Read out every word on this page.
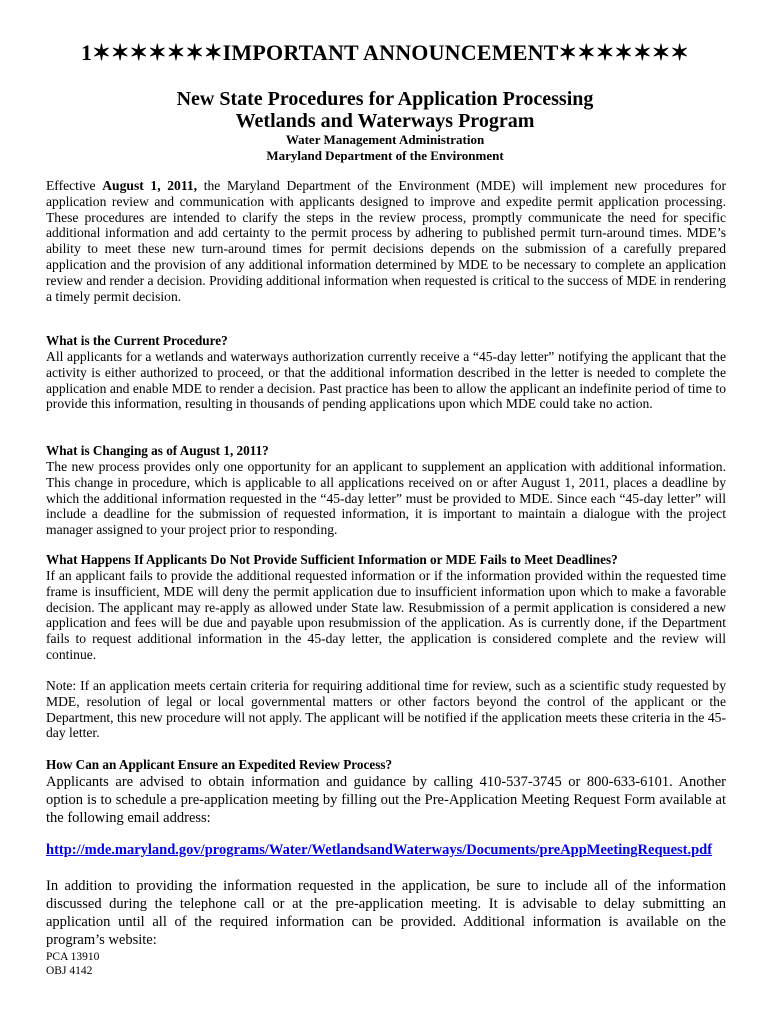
1✶✶✶✶✶✶✶IMPORTANT ANNOUNCEMENT✶✶✶✶✶✶✶
New State Procedures for Application Processing
Wetlands and Waterways Program
Water Management Administration
Maryland Department of the Environment
Effective August 1, 2011, the Maryland Department of the Environment (MDE) will implement new procedures for application review and communication with applicants designed to improve and expedite permit application processing. These procedures are intended to clarify the steps in the review process, promptly communicate the need for specific additional information and add certainty to the permit process by adhering to published permit turn-around times. MDE’s ability to meet these new turn-around times for permit decisions depends on the submission of a carefully prepared application and the provision of any additional information determined by MDE to be necessary to complete an application review and render a decision. Providing additional information when requested is critical to the success of MDE in rendering a timely permit decision.
What is the Current Procedure?
All applicants for a wetlands and waterways authorization currently receive a “45-day letter” notifying the applicant that the activity is either authorized to proceed, or that the additional information described in the letter is needed to complete the application and enable MDE to render a decision. Past practice has been to allow the applicant an indefinite period of time to provide this information, resulting in thousands of pending applications upon which MDE could take no action.
What is Changing as of August 1, 2011?
The new process provides only one opportunity for an applicant to supplement an application with additional information. This change in procedure, which is applicable to all applications received on or after August 1, 2011, places a deadline by which the additional information requested in the “45-day letter” must be provided to MDE. Since each “45-day letter” will include a deadline for the submission of requested information, it is important to maintain a dialogue with the project manager assigned to your project prior to responding.
What Happens If Applicants Do Not Provide Sufficient Information or MDE Fails to Meet Deadlines?
If an applicant fails to provide the additional requested information or if the information provided within the requested time frame is insufficient, MDE will deny the permit application due to insufficient information upon which to make a favorable decision. The applicant may re-apply as allowed under State law. Resubmission of a permit application is considered a new application and fees will be due and payable upon resubmission of the application. As is currently done, if the Department fails to request additional information in the 45-day letter, the application is considered complete and the review will continue.
Note: If an application meets certain criteria for requiring additional time for review, such as a scientific study requested by MDE, resolution of legal or local governmental matters or other factors beyond the control of the applicant or the Department, this new procedure will not apply. The applicant will be notified if the application meets these criteria in the 45-day letter.
How Can an Applicant Ensure an Expedited Review Process?
Applicants are advised to obtain information and guidance by calling 410-537-3745 or 800-633-6101. Another option is to schedule a pre-application meeting by filling out the Pre-Application Meeting Request Form available at the following email address:
http://mde.maryland.gov/programs/Water/WetlandsandWaterways/Documents/preAppMeetingRequest.pdf
In addition to providing the information requested in the application, be sure to include all of the information discussed during the telephone call or at the pre-application meeting. It is advisable to delay submitting an application until all of the required information can be provided. Additional information is available on the program’s website:
PCA 13910
OBJ 4142
